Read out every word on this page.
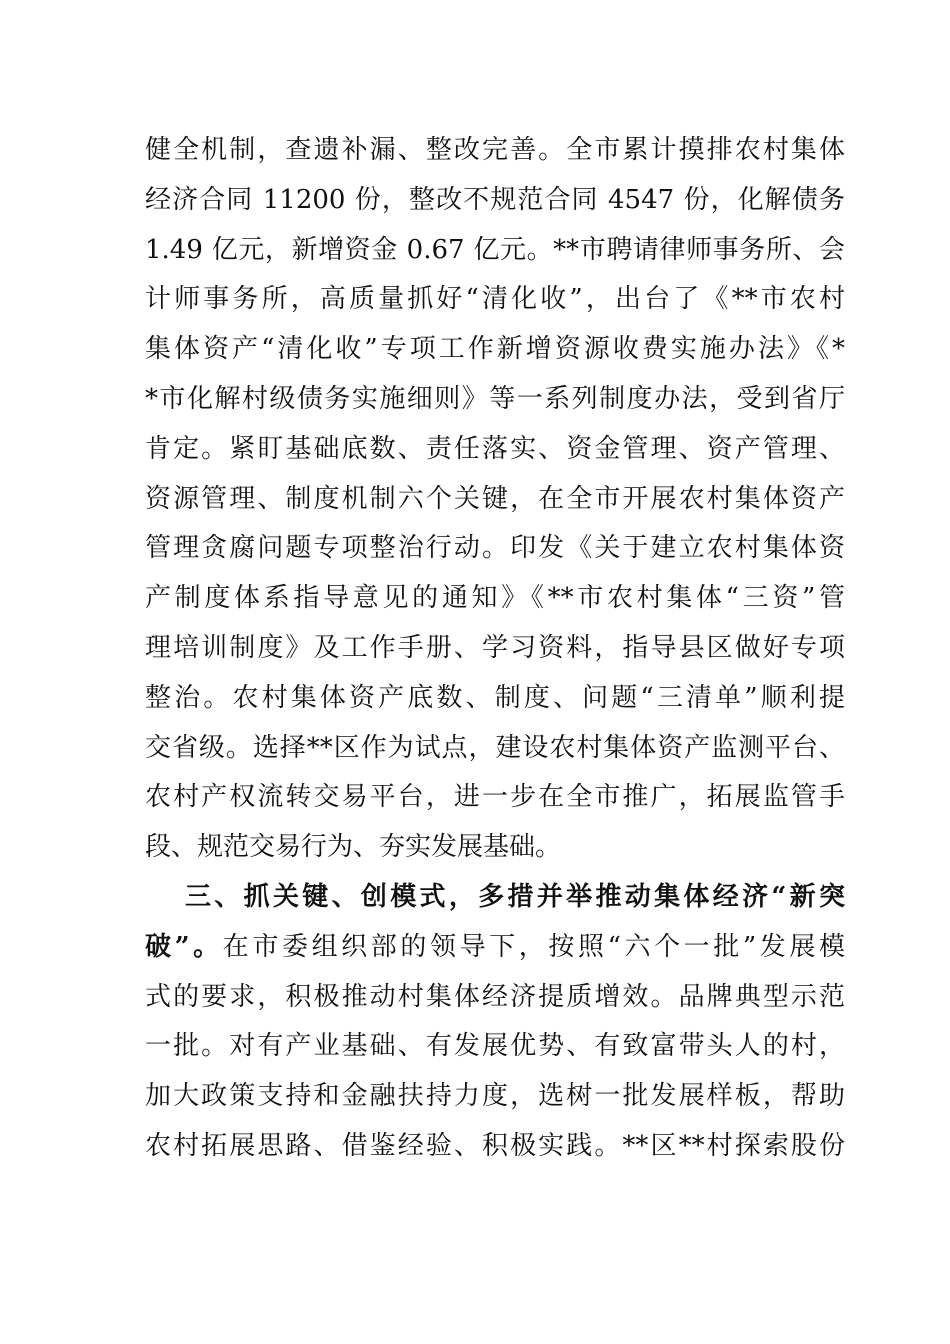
健全机制，查遗补漏、整改完善。全市累计摸排农村集体
经济合同 11200 份，整改不规范合同 4547 份，化解债务
1.49 亿元，新增资金 0.67 亿元。**市聘请律师事务所、会
计师事务所，高质量抓好“清化收”，出台了《**市农村
集体资产“清化收”专项工作新增资源收费实施办法》《*
*市化解村级债务实施细则》等一系列制度办法，受到省厅
肯定。紧盯基础底数、责任落实、资金管理、资产管理、
资源管理、制度机制六个关键，在全市开展农村集体资产
管理贪腐问题专项整治行动。印发《关于建立农村集体资
产制度体系指导意见的通知》《**市农村集体“三资”管
理培训制度》及工作手册、学习资料，指导县区做好专项
整治。农村集体资产底数、制度、问题“三清单”顺利提
交省级。选择**区作为试点，建设农村集体资产监测平台、
农村产权流转交易平台，进一步在全市推广，拓展监管手
段、规范交易行为、夯实发展基础。
三、抓关键、创模式，多措并举推动集体经济“新突
破”。在市委组织部的领导下，按照“六个一批”发展模
式的要求，积极推动村集体经济提质增效。品牌典型示范
一批。对有产业基础、有发展优势、有致富带头人的村，
加大政策支持和金融扶持力度，选树一批发展样板，帮助
农村拓展思路、借鉴经验、积极实践。**区**村探索股份
